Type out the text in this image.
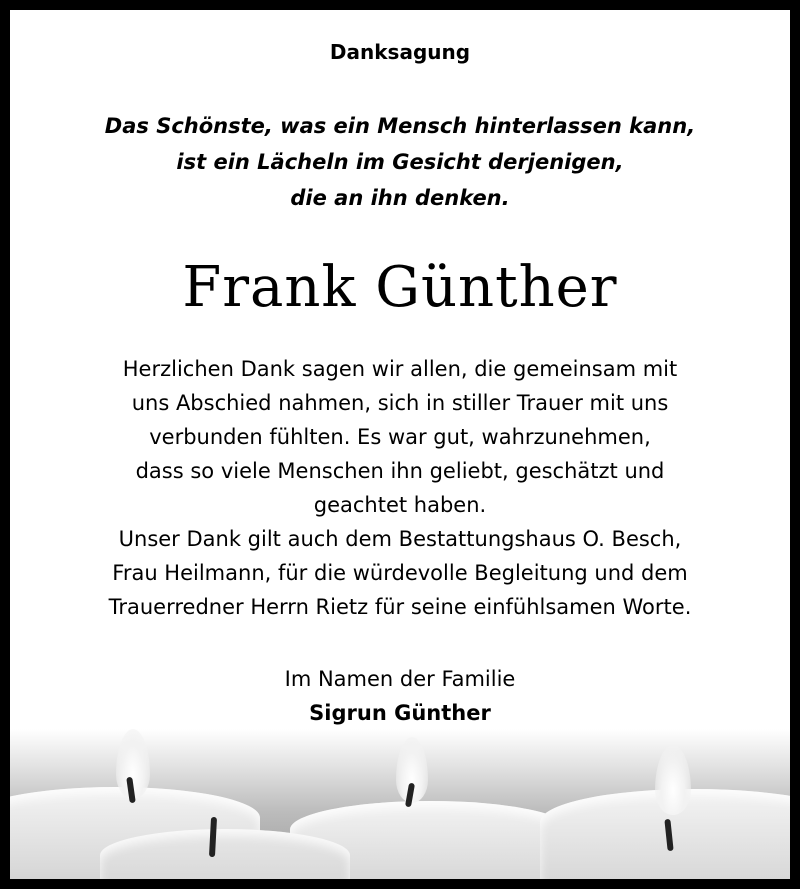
Danksagung
Das Schönste, was ein Mensch hinterlassen kann,
ist ein Lächeln im Gesicht derjenigen,
die an ihn denken.
Frank Günther
Herzlichen Dank sagen wir allen, die gemeinsam mit
uns Abschied nahmen, sich in stiller Trauer mit uns
verbunden fühlten. Es war gut, wahrzunehmen,
dass so viele Menschen ihn geliebt, geschätzt und
geachtet haben.
Unser Dank gilt auch dem Bestattungshaus O. Besch,
Frau Heilmann, für die würdevolle Begleitung und dem
Trauerredner Herrn Rietz für seine einfühlsamen Worte.
Im Namen der Familie
Sigrun Günther
